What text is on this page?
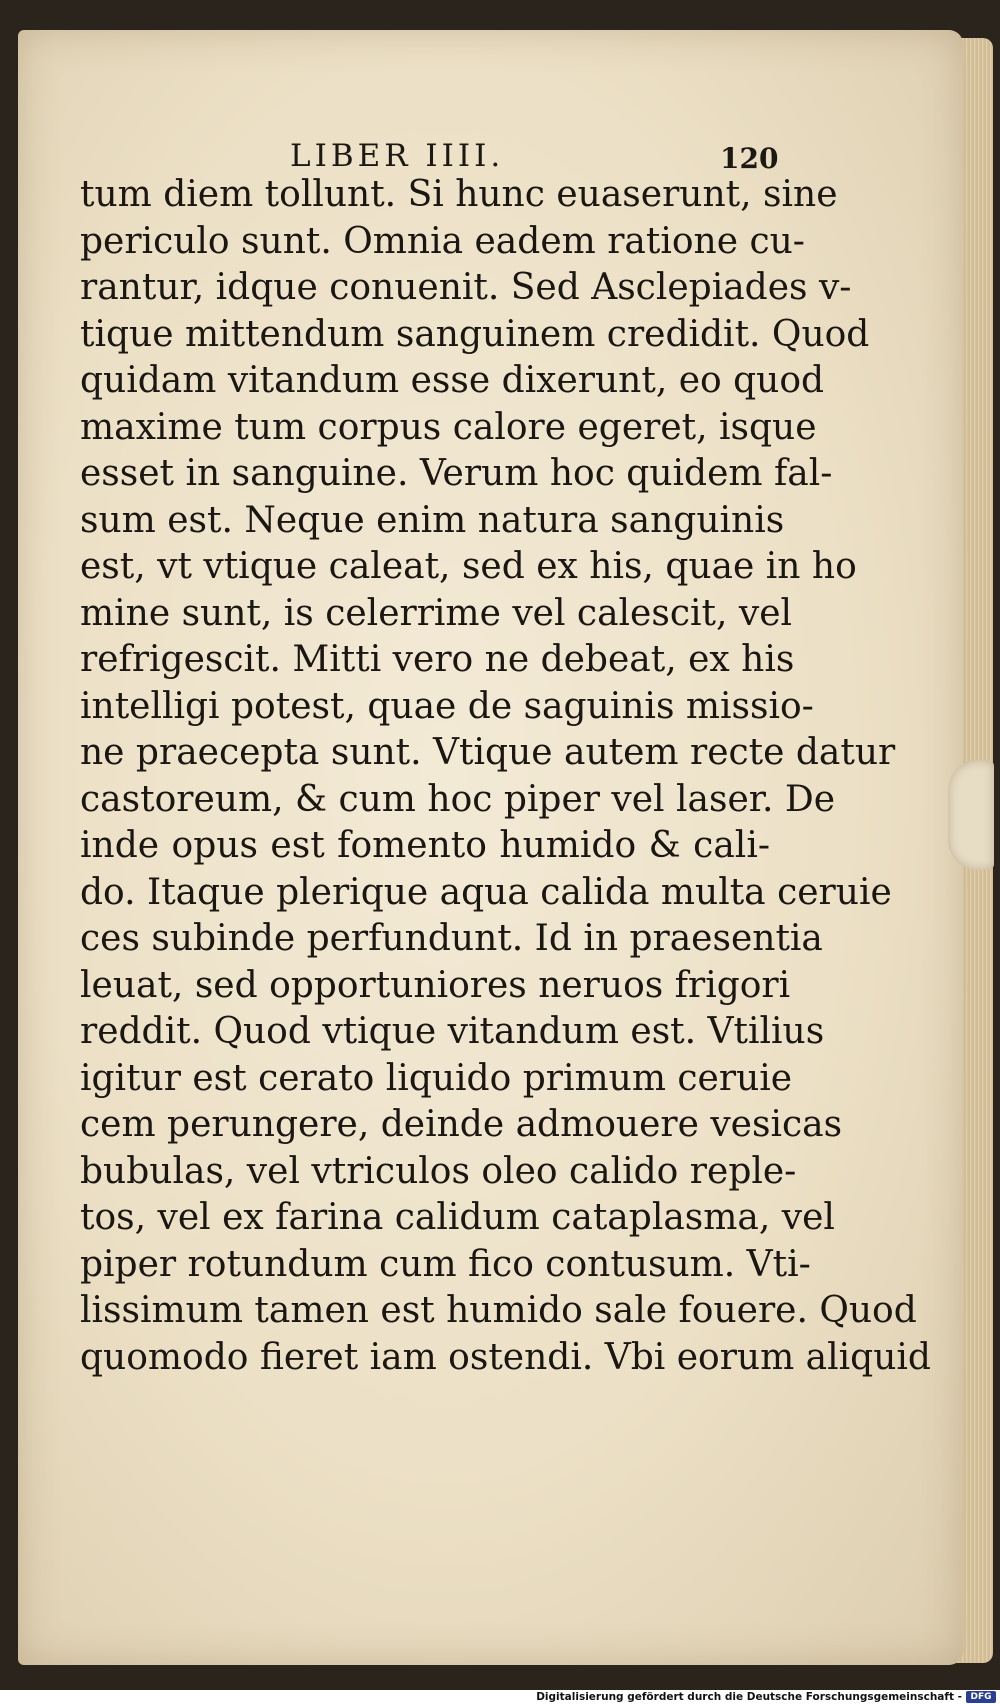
LIBER IIII.	120
tum diem tollunt. Si hunc euaserunt, sine
periculo sunt. Omnia eadem ratione cu-
rantur, idque conuenit. Sed Asclepiades v-
tique mittendum sanguinem credidit. Quod
quidam vitandum esse dixerunt, eo quod
maxime tum corpus calore egeret, isque
esset in sanguine. Verum hoc quidem fal-
sum est. Neque enim natura sanguinis
est, vt vtique caleat, sed ex his, quae in ho
mine sunt, is celerrime vel calescit, vel
refrigescit. Mitti vero ne debeat, ex his
intelligi potest, quae de saguinis missio-
ne praecepta sunt. Vtique autem recte datur
castoreum, & cum hoc piper vel laser. De
inde opus est fomento humido & cali-
do. Itaque plerique aqua calida multa ceruie
ces subinde perfundunt. Id in praesentia
leuat, sed opportuniores neruos frigori
reddit. Quod vtique vitandum est. Vtilius
igitur est cerato liquido primum ceruie
cem perungere, deinde admouere vesicas
bubulas, vel vtriculos oleo calido reple-
tos, vel ex farina calidum cataplasma, vel
piper rotundum cum fico contusum. Vti-
lissimum tamen est humido sale fouere. Quod
quomodo fieret iam ostendi. Vbi eorum aliquid
Digitalisierung gefördert durch die Deutsche Forschungsgemeinschaft - DFG
